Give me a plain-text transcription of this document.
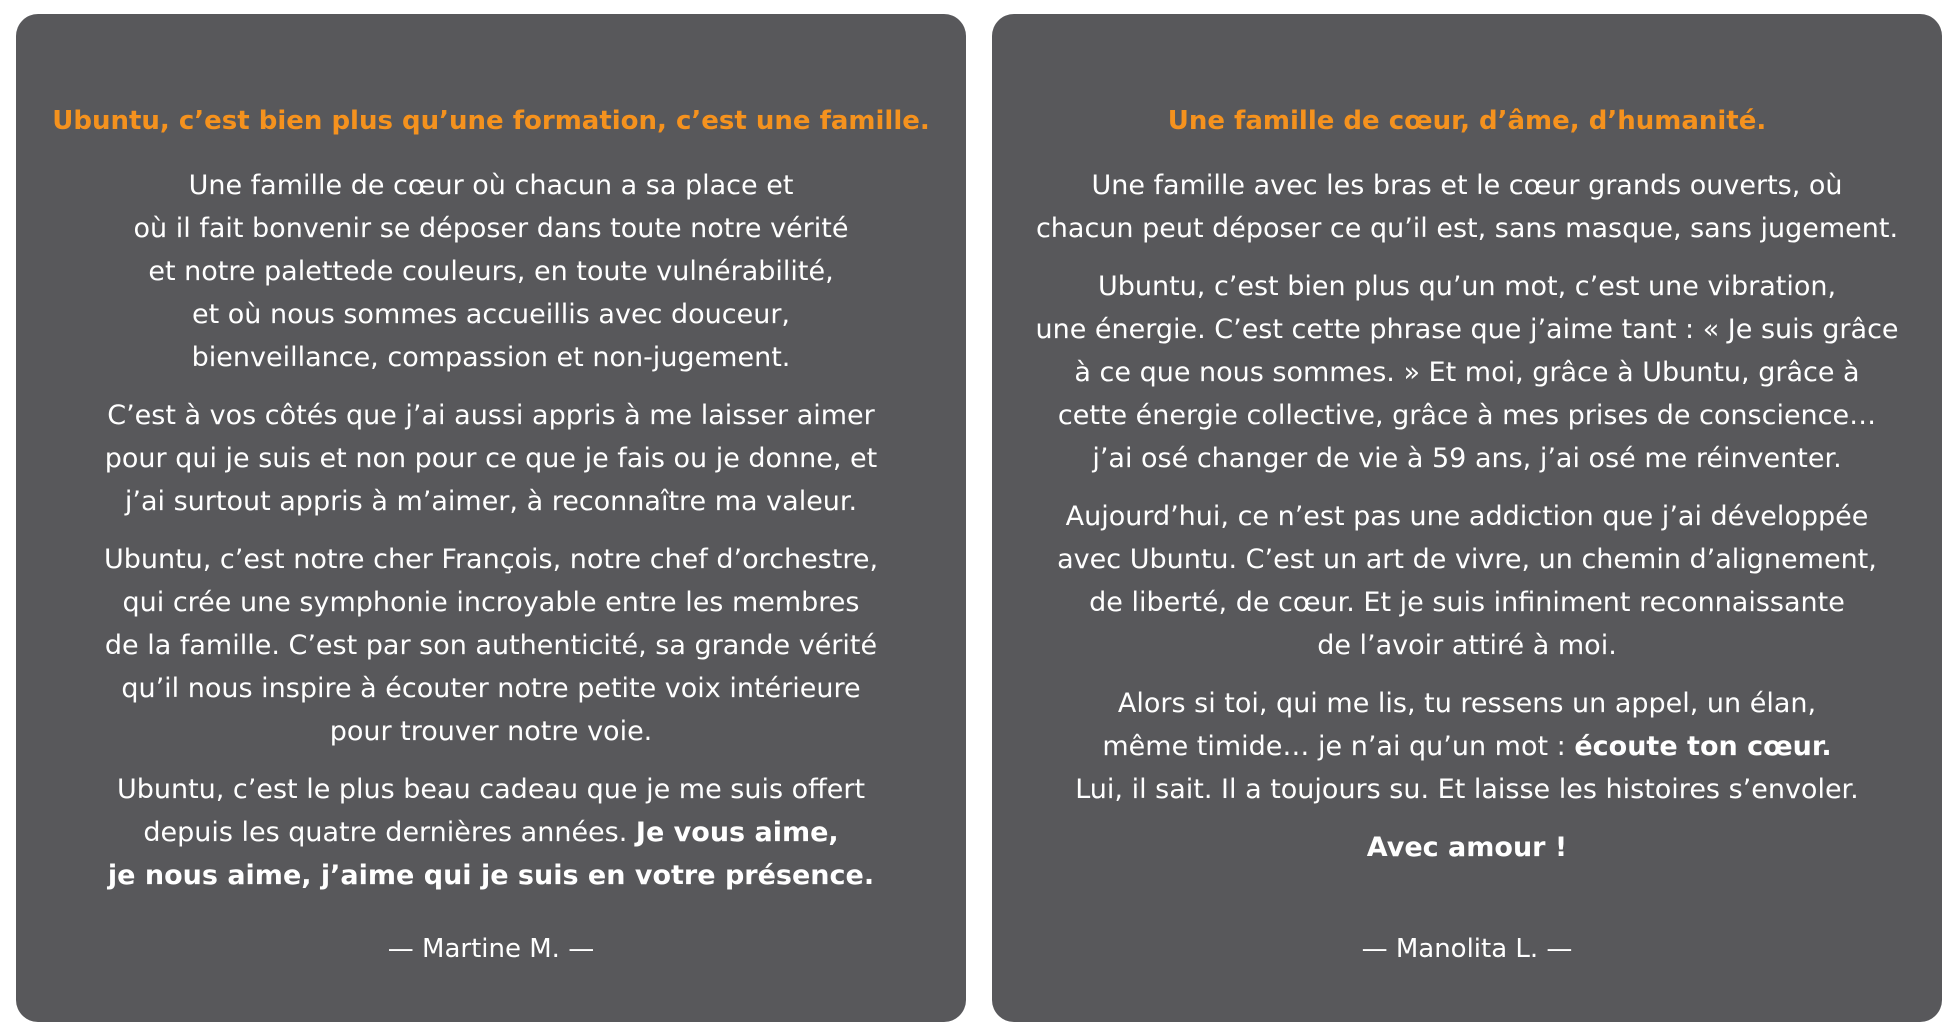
Ubuntu, c’est bien plus qu’une formation, c’est une famille.

Une famille de cœur où chacun a sa place et
où il fait bonvenir se déposer dans toute notre vérité
et notre palettede couleurs, en toute vulnérabilité,
et où nous sommes accueillis avec douceur,
bienveillance, compassion et non-jugement.

C’est à vos côtés que j’ai aussi appris à me laisser aimer
pour qui je suis et non pour ce que je fais ou je donne, et
j’ai surtout appris à m’aimer, à reconnaître ma valeur.

Ubuntu, c’est notre cher François, notre chef d’orchestre,
qui crée une symphonie incroyable entre les membres
de la famille. C’est par son authenticité, sa grande vérité
qu’il nous inspire à écouter notre petite voix intérieure
pour trouver notre voie.

Ubuntu, c’est le plus beau cadeau que je me suis offert
depuis les quatre dernières années. Je vous aime,
je nous aime, j’aime qui je suis en votre présence.

— Martine M. —

Une famille de cœur, d’âme, d’humanité.

Une famille avec les bras et le cœur grands ouverts, où
chacun peut déposer ce qu’il est, sans masque, sans jugement.

Ubuntu, c’est bien plus qu’un mot, c’est une vibration,
une énergie. C’est cette phrase que j’aime tant : « Je suis grâce
à ce que nous sommes. » Et moi, grâce à Ubuntu, grâce à
cette énergie collective, grâce à mes prises de conscience…
j’ai osé changer de vie à 59 ans, j’ai osé me réinventer.

Aujourd’hui, ce n’est pas une addiction que j’ai développée
avec Ubuntu. C’est un art de vivre, un chemin d’alignement,
de liberté, de cœur. Et je suis infiniment reconnaissante
de l’avoir attiré à moi.

Alors si toi, qui me lis, tu ressens un appel, un élan,
même timide… je n’ai qu’un mot : écoute ton cœur.
Lui, il sait. Il a toujours su. Et laisse les histoires s’envoler.

Avec amour !

— Manolita L. —
